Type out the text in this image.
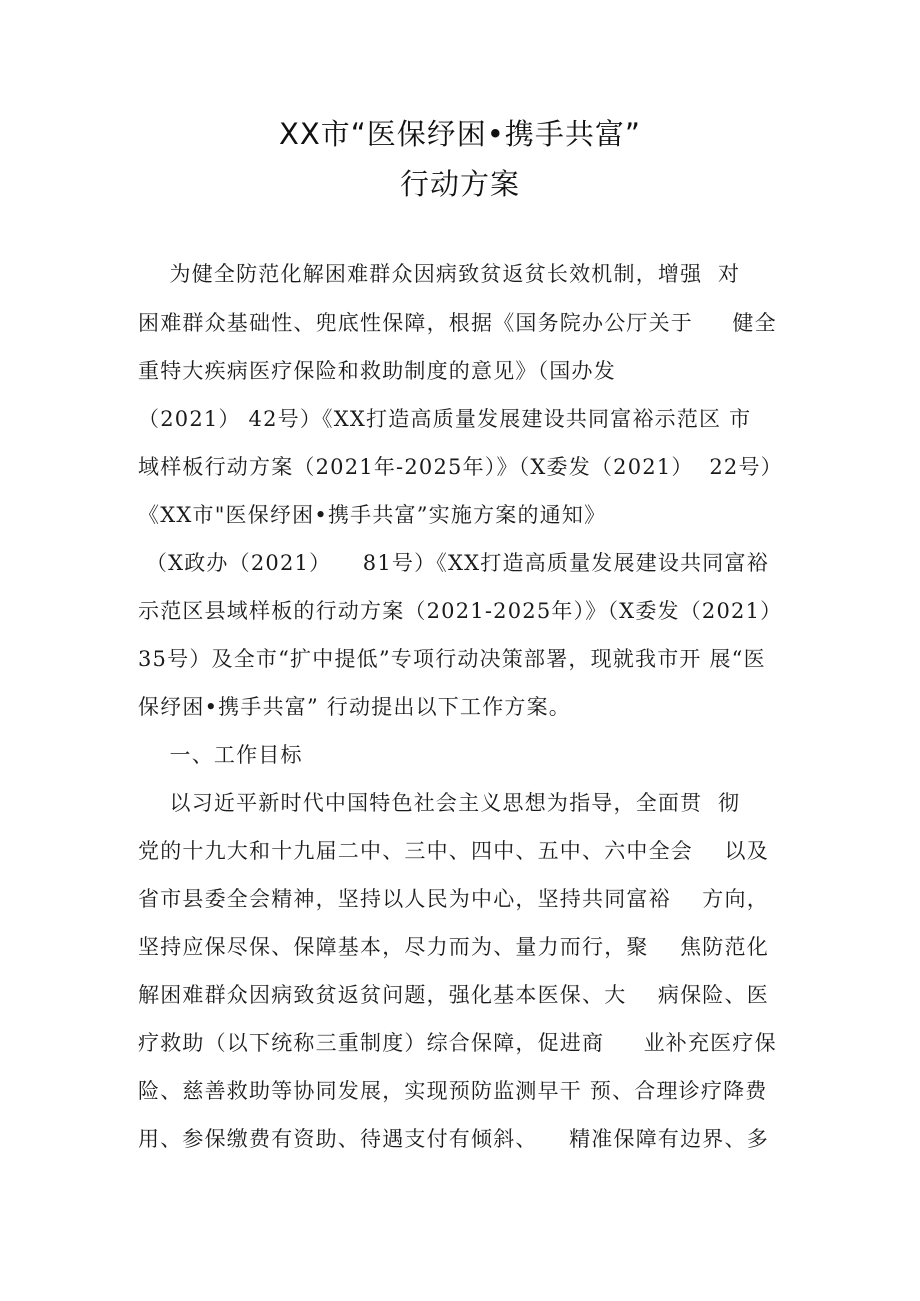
XX市“医保纾困•携手共富”
行动方案
为健全防范化解困难群众因病致贫返贫长效机制，增强  对
困难群众基础性、兜底性保障，根据《国务院办公厅关于     健全
重特大疾病医疗保险和救助制度的意见》（国办发
（2021） 42号）《XX打造高质量发展建设共同富裕示范区 市
域样板行动方案（2021年-2025年）》（X委发（2021）  22号）
《XX市"医保纾困•携手共富”实施方案的通知》
（X政办（2021）    81号）《XX打造高质量发展建设共同富裕
示范区县域样板的行动方案（2021-2025年）》（X委发（2021）
35号）及全市“扩中提低”专项行动决策部署，现就我市开 展“医
保纾困•携手共富” 行动提出以下工作方案。
一、工作目标
以习近平新时代中国特色社会主义思想为指导，全面贯  彻
党的十九大和十九届二中、三中、四中、五中、六中全会    以及
省市县委全会精神，坚持以人民为中心，坚持共同富裕    方向，
坚持应保尽保、保障基本，尽力而为、量力而行，聚    焦防范化
解困难群众因病致贫返贫问题，强化基本医保、大    病保险、医
疗救助（以下统称三重制度）综合保障，促进商     业补充医疗保
险、慈善救助等协同发展，实现预防监测早干 预、合理诊疗降费
用、参保缴费有资助、待遇支付有倾斜、    精准保障有边界、多
